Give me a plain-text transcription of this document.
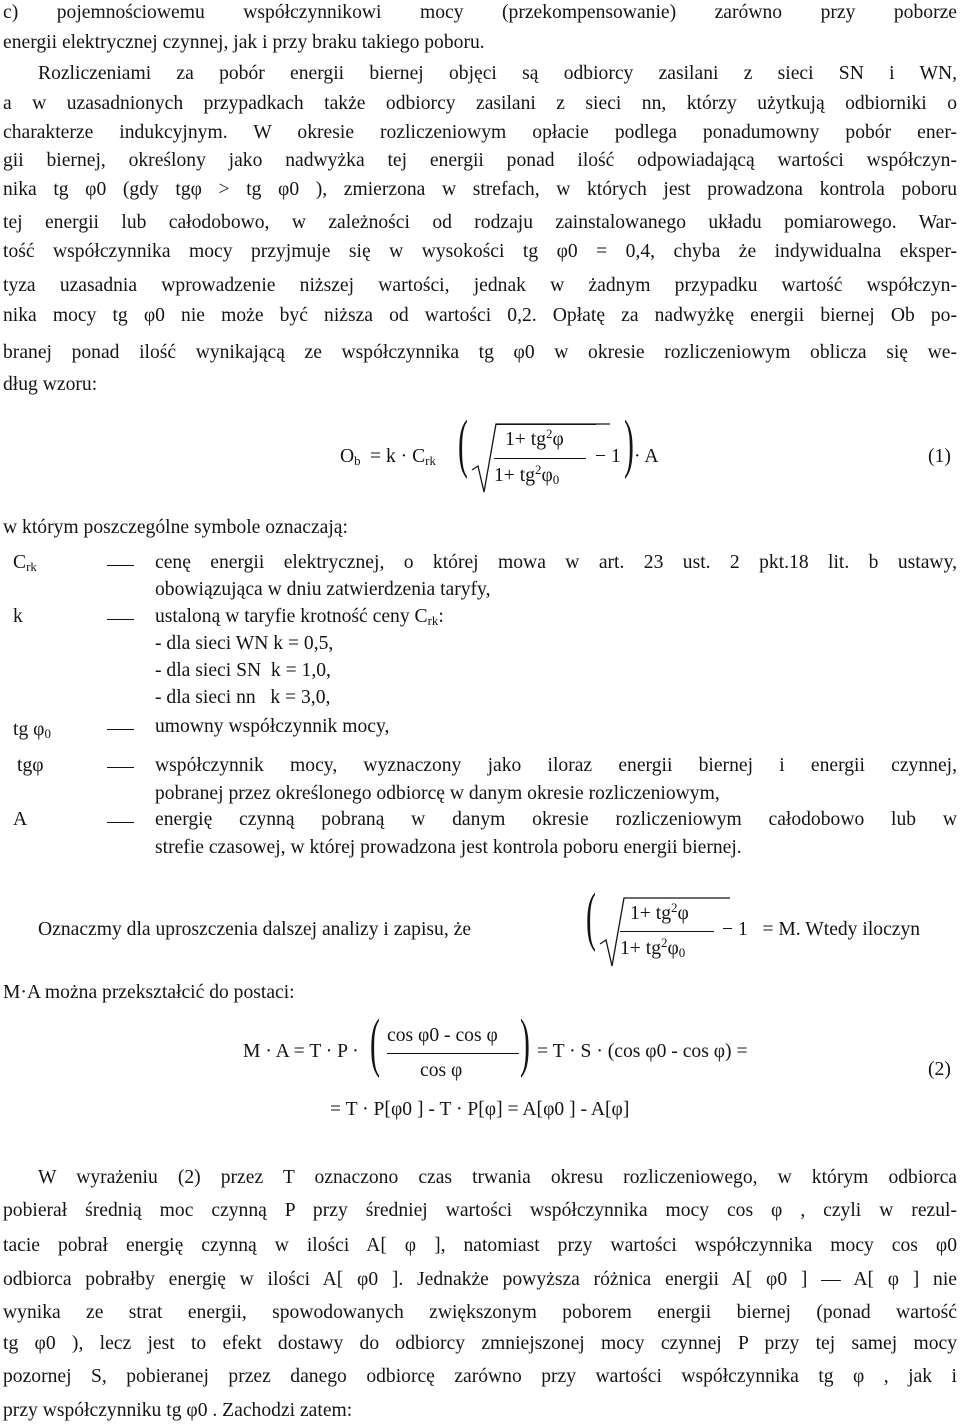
c) pojemnościowemu współczynnikowi mocy (przekompensowanie) zarówno przy poborze
energii elektrycznej czynnej, jak i przy braku takiego poboru.
Rozliczeniami za pobór energii biernej objęci są odbiorcy zasilani z sieci SN i WN,
a w uzasadnionych przypadkach także odbiorcy zasilani z sieci nn, którzy użytkują odbiorniki o
charakterze indukcyjnym. W okresie rozliczeniowym opłacie podlega ponadumowny pobór ener-
gii biernej, określony jako nadwyżka tej energii ponad ilość odpowiadającą wartości współczyn-
nika tg φ0 (gdy tgφ > tg φ0 ), zmierzona w strefach, w których jest prowadzona kontrola poboru
tej energii lub całodobowo, w zależności od rodzaju zainstalowanego układu pomiarowego. War-
tość współczynnika mocy przyjmuje się w wysokości tg φ0 = 0,4, chyba że indywidualna eksper-
tyza uzasadnia wprowadzenie niższej wartości, jednak w żadnym przypadku wartość współczyn-
nika mocy tg φ0 nie może być niższa od wartości 0,2. Opłatę za nadwyżkę energii biernej Ob po-
branej ponad ilość wynikającą ze współczynnika tg φ0 w okresie rozliczeniowym oblicza się we-
dług wzoru:
$O_b = k \cdot C_{rk}$ ( $1+ tg^2\varphi$
$1+ tg^2\varphi_0$
− 1 ) · A	(1)
w którym poszczególne symbole oznaczają:
$C_{rk}$	cenę energii elektrycznej, o której mowa w art. 23 ust. 2 pkt.18 lit. b ustawy,
obowiązująca w dniu zatwierdzenia taryfy,
k	ustaloną w taryfie krotność ceny $C_{rk}$:
- dla sieci WN k = 0,5,
- dla sieci SN  k = 1,0,
- dla sieci nn   k = 3,0,
tg $\varphi_0$	umowny współczynnik mocy,
tgφ	współczynnik mocy, wyznaczony jako iloraz energii biernej i energii czynnej,
pobranej przez określonego odbiorcę w danym okresie rozliczeniowym,
A	energię czynną pobraną w danym okresie rozliczeniowym całodobowo lub w
strefie czasowej, w której prowadzona jest kontrola poboru energii biernej.
Oznaczmy dla uproszczenia dalszej analizy i zapisu, że ( $1+ tg^2\varphi$
$1+ tg^2\varphi_0$
− 1   = M. Wtedy iloczyn
M·A można przekształcić do postaci:
M · A = T · P · ( cos φ0 - cos φ
cos φ ) = T · S · (cos φ0 - cos φ) =
(2)
= T · P[φ0 ] - T · P[φ] = A[φ0 ] - A[φ]
W wyrażeniu (2) przez T oznaczono czas trwania okresu rozliczeniowego, w którym odbiorca
pobierał średnią moc czynną P przy średniej wartości współczynnika mocy cos φ , czyli w rezul-
tacie pobrał energię czynną w ilości A[ φ ], natomiast przy wartości współczynnika mocy cos φ0
odbiorca pobrałby energię w ilości A[ φ0 ]. Jednakże powyższa różnica energii A[ φ0 ] — A[ φ ] nie
wynika ze strat energii, spowodowanych zwiększonym poborem energii biernej (ponad wartość
tg φ0 ), lecz jest to efekt dostawy do odbiorcy zmniejszonej mocy czynnej P przy tej samej mocy
pozornej S, pobieranej przez danego odbiorcę zarówno przy wartości współczynnika tg φ , jak i
przy współczynniku tg φ0 . Zachodzi zatem:
